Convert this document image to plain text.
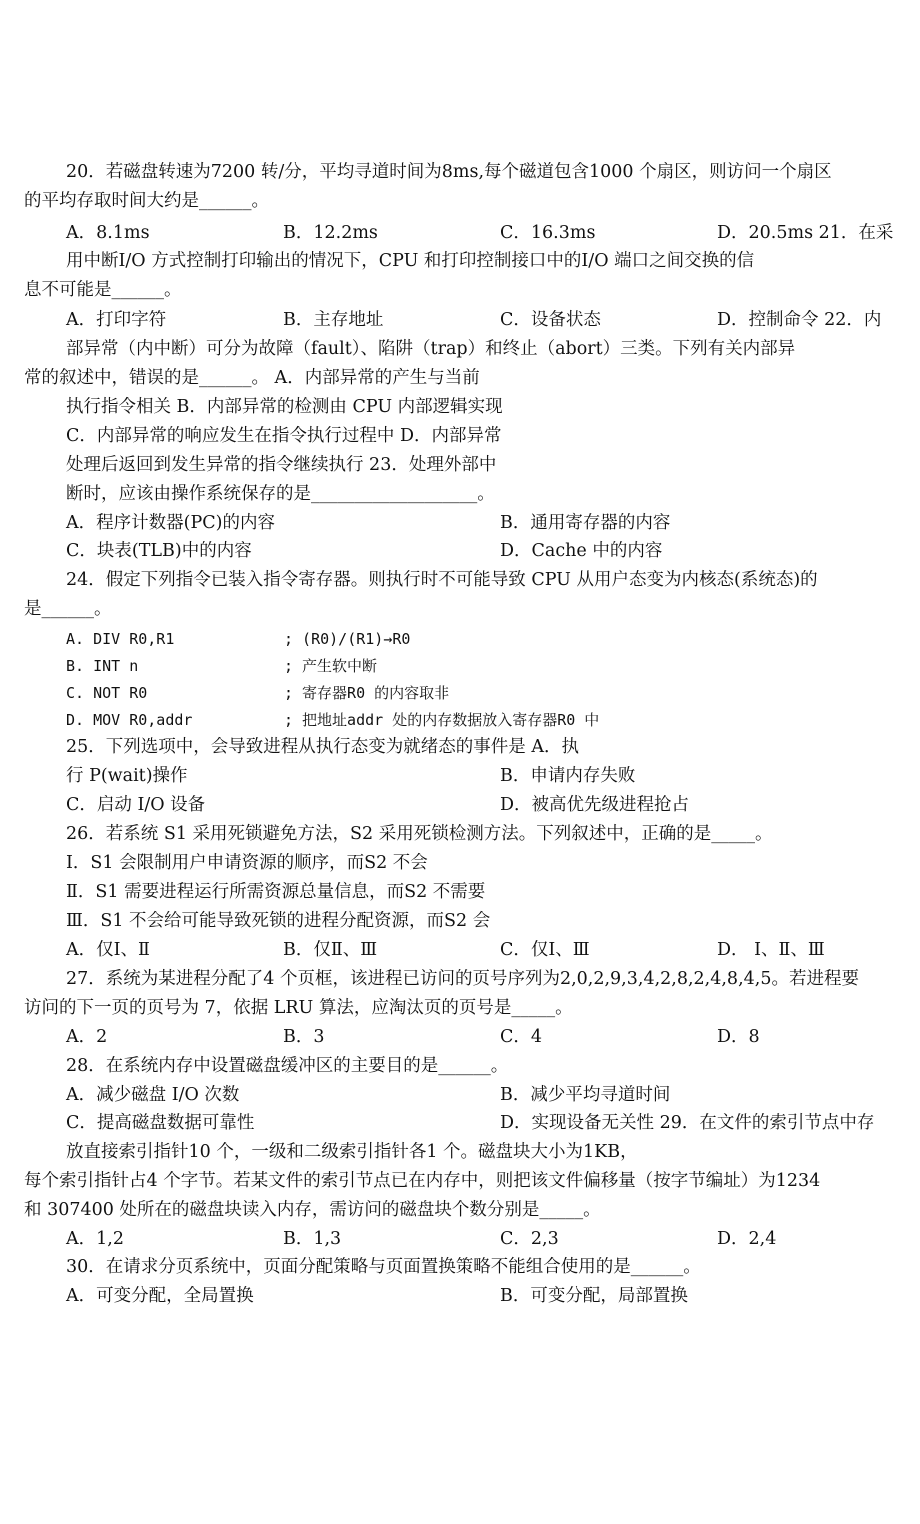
20．若磁盘转速为7200 转/分，平均寻道时间为8ms,每个磁道包含1000 个扇区，则访问一个扇区
的平均存取时间大约是______。
A．8.1ms	B．12.2ms	C．16.3ms	D．20.5ms 21．在采
用中断I/O 方式控制打印输出的情况下，CPU 和打印控制接口中的I/O 端口之间交换的信
息不可能是______。
A．打印字符	B．主存地址	C．设备状态	D．控制命令 22．内
部异常（内中断）可分为故障（fault）、陷阱（trap）和终止（abort）三类。下列有关内部异
常的叙述中，错误的是______。 A．内部异常的产生与当前
执行指令相关 B．内部异常的检测由 CPU 内部逻辑实现
C．内部异常的响应发生在指令执行过程中 D．内部异常
处理后返回到发生异常的指令继续执行 23．处理外部中
断时，应该由操作系统保存的是___________________。
A．程序计数器(PC)的内容	B．通用寄存器的内容
C．块表(TLB)中的内容	D．Cache 中的内容
24．假定下列指令已装入指令寄存器。则执行时不可能导致 CPU 从用户态变为内核态(系统态)的
是______。
A. DIV R0,R1	; (R0)/(R1)→R0
B. INT n	; 产生软中断
C. NOT R0	; 寄存器R0 的内容取非
D. MOV R0,addr	; 把地址addr 处的内存数据放入寄存器R0 中
25．下列选项中，会导致进程从执行态变为就绪态的事件是 A．执
行 P(wait)操作	B．申请内存失败
C．启动 I/O 设备	D．被高优先级进程抢占
26．若系统 S1 采用死锁避免方法，S2 采用死锁检测方法。下列叙述中，正确的是_____。
Ⅰ．S1 会限制用户申请资源的顺序，而S2 不会
Ⅱ．S1 需要进程运行所需资源总量信息，而S2 不需要
Ⅲ．S1 不会给可能导致死锁的进程分配资源，而S2 会
A．仅Ⅰ、Ⅱ	B．仅Ⅱ、Ⅲ	C．仅Ⅰ、Ⅲ	D． Ⅰ、Ⅱ、Ⅲ
27．系统为某进程分配了4 个页框，该进程已访问的页号序列为2,0,2,9,3,4,2,8,2,4,8,4,5。若进程要
访问的下一页的页号为 7，依据 LRU 算法，应淘汰页的页号是_____。
A．2	B．3	C．4	D．8
28．在系统内存中设置磁盘缓冲区的主要目的是______。
A．减少磁盘 I/O 次数	B．减少平均寻道时间
C．提高磁盘数据可靠性	D．实现设备无关性 29．在文件的索引节点中存
放直接索引指针10 个，一级和二级索引指针各1 个。磁盘块大小为1KB，
每个索引指针占4 个字节。若某文件的索引节点已在内存中，则把该文件偏移量（按字节编址）为1234
和 307400 处所在的磁盘块读入内存，需访问的磁盘块个数分别是_____。
A．1,2	B．1,3	C．2,3	D．2,4
30．在请求分页系统中，页面分配策略与页面置换策略不能组合使用的是______。
A．可变分配，全局置换	B．可变分配，局部置换
